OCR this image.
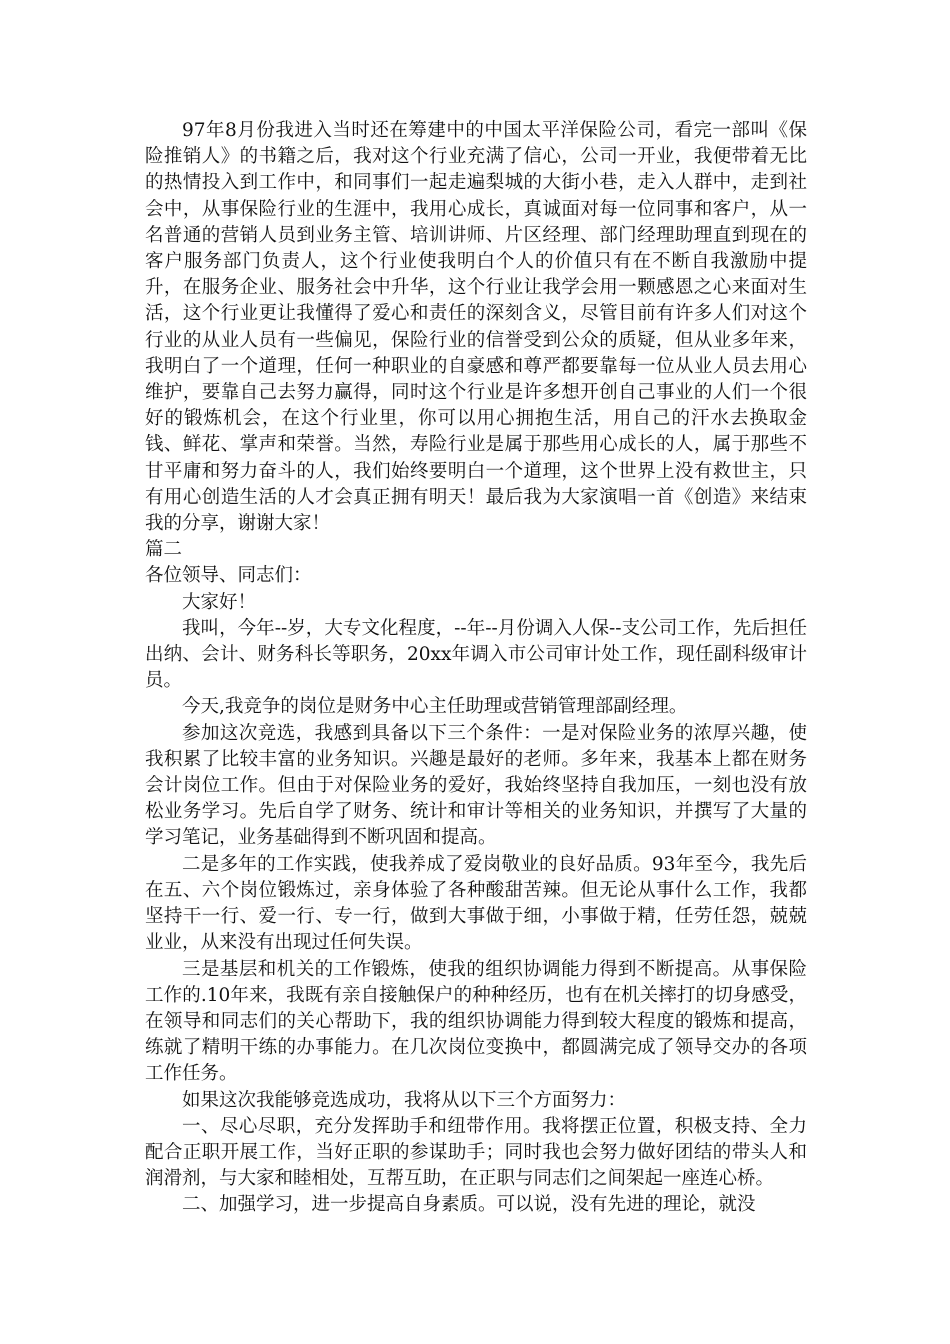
97年8月份我进入当时还在筹建中的中国太平洋保险公司，看完一部叫《保险推销人》的书籍之后，我对这个行业充满了信心，公司一开业，我便带着无比的热情投入到工作中，和同事们一起走遍梨城的大街小巷，走入人群中，走到社会中，从事保险行业的生涯中，我用心成长，真诚面对每一位同事和客户，从一名普通的营销人员到业务主管、培训讲师、片区经理、部门经理助理直到现在的客户服务部门负责人，这个行业使我明白个人的价值只有在不断自我激励中提升，在服务企业、服务社会中升华，这个行业让我学会用一颗感恩之心来面对生活，这个行业更让我懂得了爱心和责任的深刻含义，尽管目前有许多人们对这个行业的从业人员有一些偏见，保险行业的信誉受到公众的质疑，但从业多年来，我明白了一个道理，任何一种职业的自豪感和尊严都要靠每一位从业人员去用心维护，要靠自己去努力赢得，同时这个行业是许多想开创自己事业的人们一个很好的锻炼机会，在这个行业里，你可以用心拥抱生活，用自己的汗水去换取金钱、鲜花、掌声和荣誉。当然，寿险行业是属于那些用心成长的人，属于那些不甘平庸和努力奋斗的人，我们始终要明白一个道理，这个世界上没有救世主，只有用心创造生活的人才会真正拥有明天！最后我为大家演唱一首《创造》来结束我的分享，谢谢大家！

篇二

各位领导、同志们：

大家好！

我叫，今年--岁，大专文化程度，--年--月份调入人保--支公司工作，先后担任出纳、会计、财务科长等职务，20xx年调入市公司审计处工作，现任副科级审计员。

今天,我竞争的岗位是财务中心主任助理或营销管理部副经理。

参加这次竞选，我感到具备以下三个条件：一是对保险业务的浓厚兴趣，使我积累了比较丰富的业务知识。兴趣是最好的老师。多年来，我基本上都在财务会计岗位工作。但由于对保险业务的爱好，我始终坚持自我加压，一刻也没有放松业务学习。先后自学了财务、统计和审计等相关的业务知识，并撰写了大量的学习笔记，业务基础得到不断巩固和提高。

二是多年的工作实践，使我养成了爱岗敬业的良好品质。93年至今，我先后在五、六个岗位锻炼过，亲身体验了各种酸甜苦辣。但无论从事什么工作，我都坚持干一行、爱一行、专一行，做到大事做于细，小事做于精，任劳任怨，兢兢业业，从来没有出现过任何失误。

三是基层和机关的工作锻炼，使我的组织协调能力得到不断提高。从事保险工作的.10年来，我既有亲自接触保户的种种经历，也有在机关摔打的切身感受，在领导和同志们的关心帮助下，我的组织协调能力得到较大程度的锻炼和提高，练就了精明干练的办事能力。在几次岗位变换中，都圆满完成了领导交办的各项工作任务。

如果这次我能够竞选成功，我将从以下三个方面努力：

一、尽心尽职，充分发挥助手和纽带作用。我将摆正位置，积极支持、全力配合正职开展工作，当好正职的参谋助手；同时我也会努力做好团结的带头人和润滑剂，与大家和睦相处，互帮互助，在正职与同志们之间架起一座连心桥。

二、加强学习，进一步提高自身素质。可以说，没有先进的理论，就没
